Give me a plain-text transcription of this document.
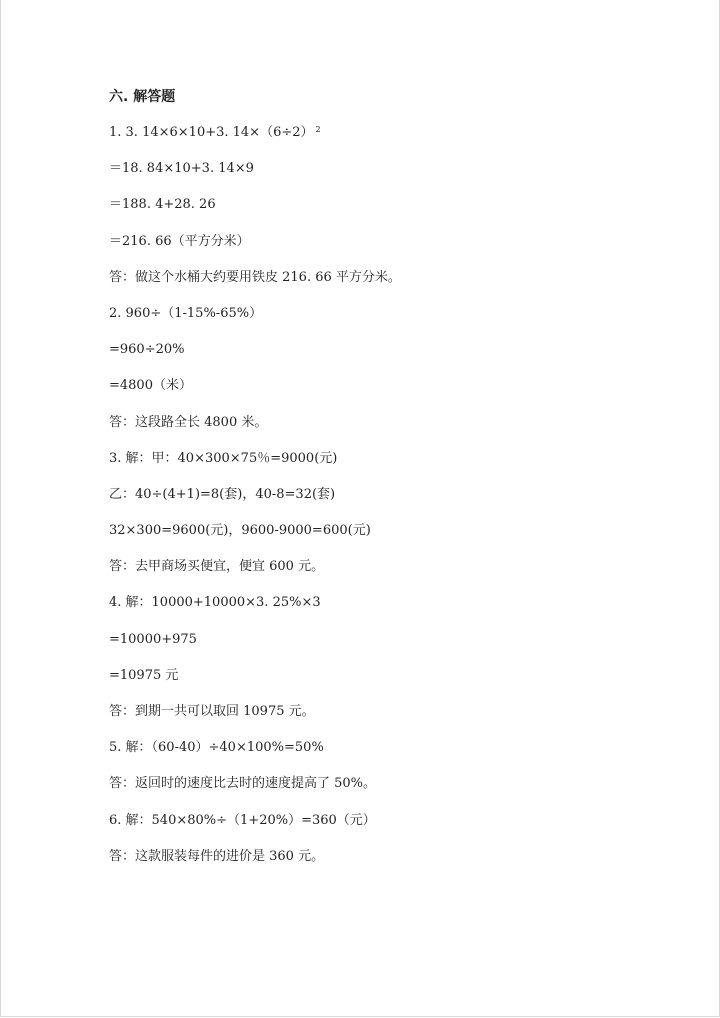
六. 解答题
1. 3. 14×6×10+3. 14×（6÷2） $^2$
＝18. 84×10+3. 14×9
＝188. 4+28. 26
＝216. 66（平方分米）
答：做这个水桶大约要用铁皮 216. 66 平方分米。
2. 960÷（1-15%-65%）
=960÷20%
=4800（米）
答：这段路全长 4800 米。
3. 解：甲：40×300×75％=9000(元)
乙：40÷(4+1)=8(套)，40-8=32(套)
32×300=9600(元)，9600-9000=600(元)
答：去甲商场买便宜，便宜 600 元。
4. 解：10000+10000×3. 25%×3
=10000+975
=10975 元
答：到期一共可以取回 10975 元。
5. 解：（60-40）÷40×100%=50%
答：返回时的速度比去时的速度提高了 50%。
6. 解：540×80%÷（1+20%）=360（元）
答：这款服装每件的进价是 360 元。
